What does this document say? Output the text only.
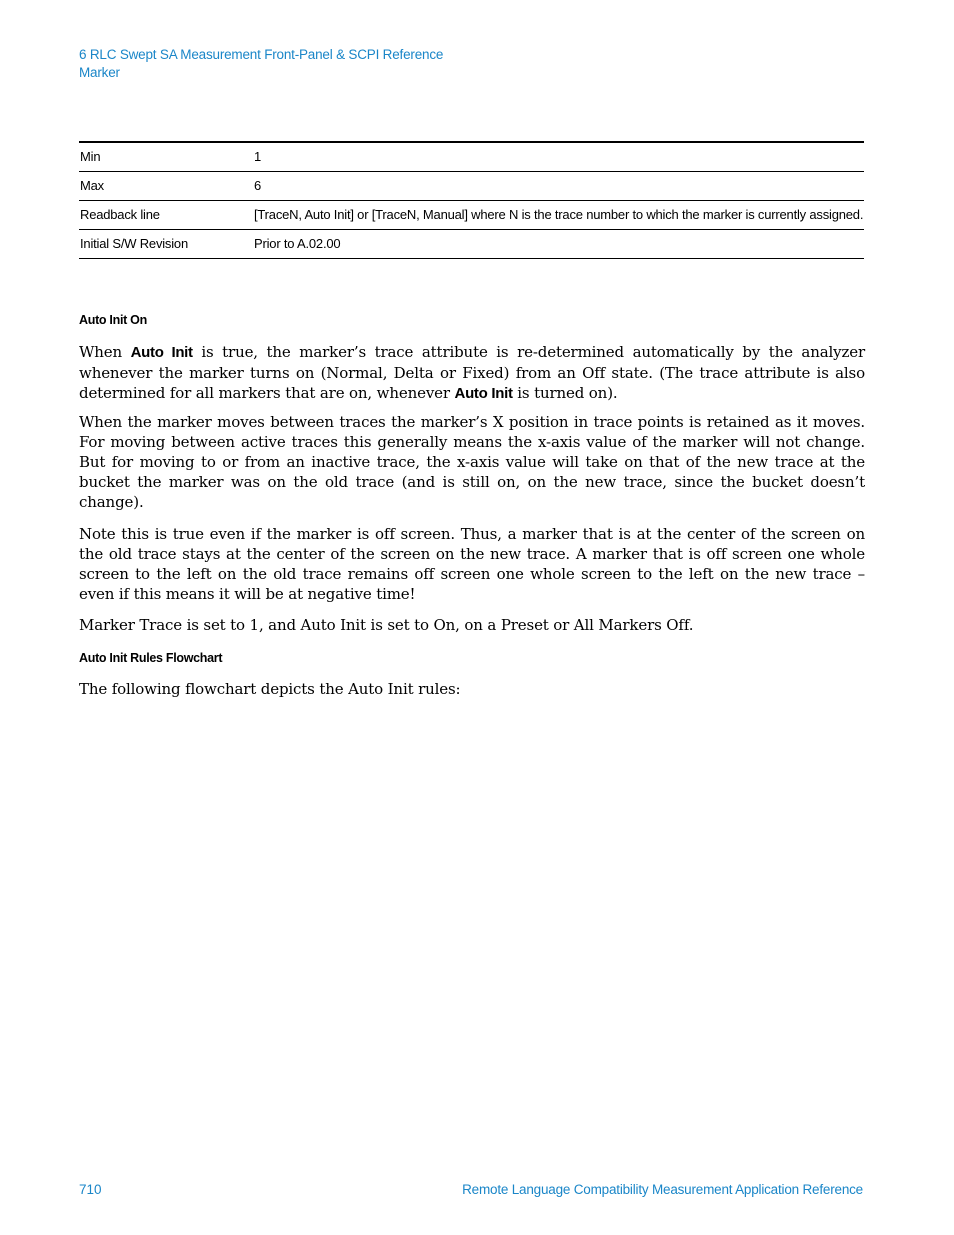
6 RLC Swept SA Measurement Front-Panel & SCPI Reference
Marker
Min	1
Max	6
Readback line	[TraceN, Auto Init] or [TraceN, Manual] where N is the trace number to which the marker is currently assigned.
Initial S/W Revision	Prior to A.02.00
Auto Init On
When Auto Init is true, the marker’s trace attribute is re-determined automatically by the analyzer whenever the marker turns on (Normal, Delta or Fixed) from an Off state. (The trace attribute is also determined for all markers that are on, whenever Auto Init is turned on).
When the marker moves between traces the marker’s X position in trace points is retained as it moves. For moving between active traces this generally means the x-axis value of the marker will not change. But for moving to or from an inactive trace, the x-axis value will take on that of the new trace at the bucket the marker was on the old trace (and is still on, on the new trace, since the bucket doesn’t change).
Note this is true even if the marker is off screen. Thus, a marker that is at the center of the screen on the old trace stays at the center of the screen on the new trace. A marker that is off screen one whole screen to the left on the old trace remains off screen one whole screen to the left on the new trace – even if this means it will be at negative time!
Marker Trace is set to 1, and Auto Init is set to On, on a Preset or All Markers Off.
Auto Init Rules Flowchart
The following flowchart depicts the Auto Init rules:
710	Remote Language Compatibility Measurement Application Reference
